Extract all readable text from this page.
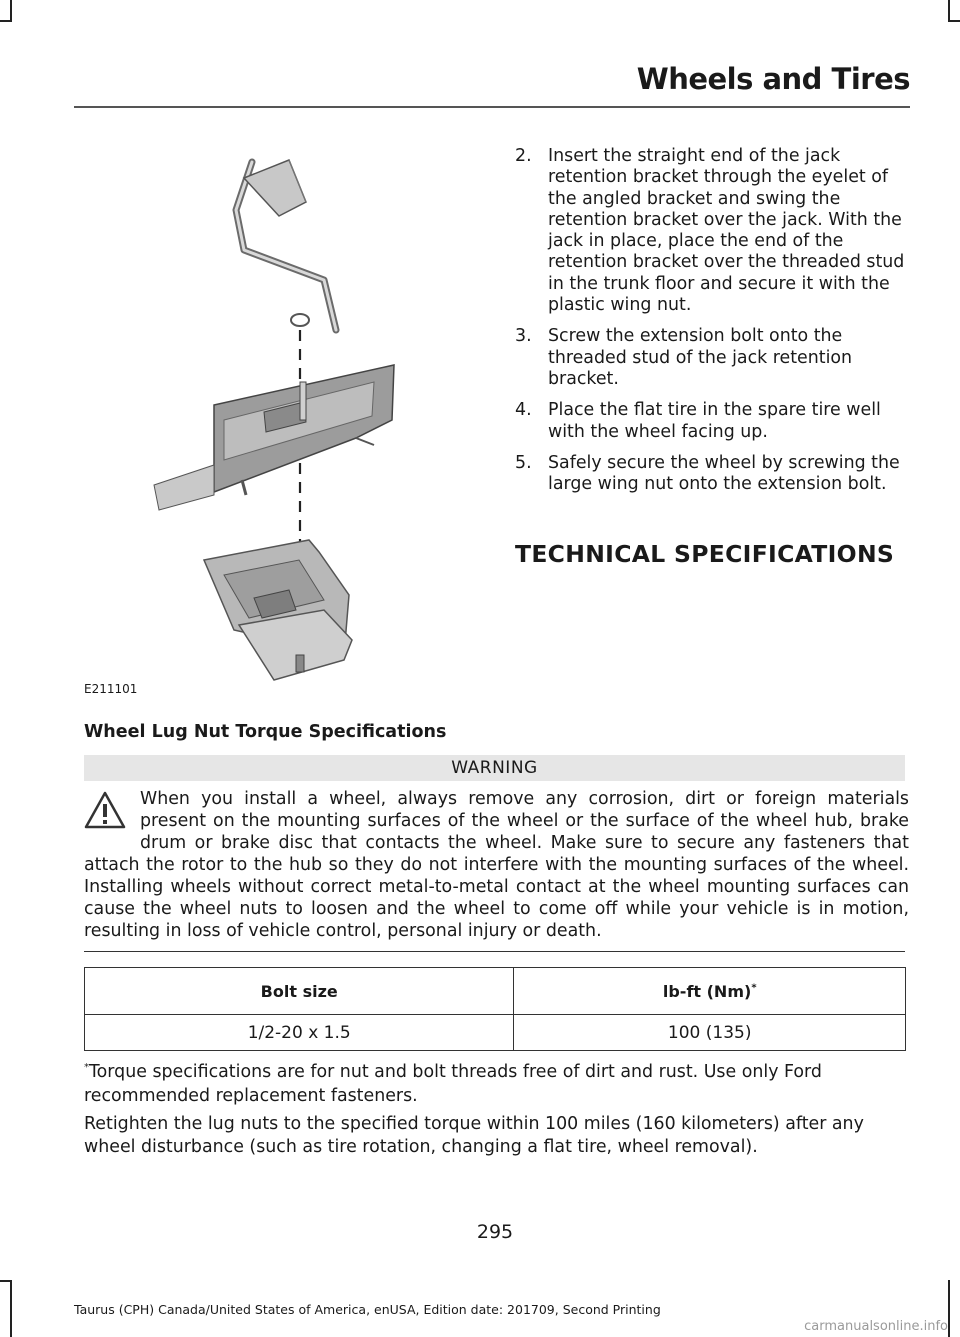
Wheels and Tires
E211101
2. Insert the straight end of the jack retention bracket through the eyelet of the angled bracket and swing the retention bracket over the jack. With the jack in place, place the end of the retention bracket over the threaded stud in the trunk floor and secure it with the plastic wing nut.
3. Screw the extension bolt onto the threaded stud of the jack retention bracket.
4. Place the flat tire in the spare tire well with the wheel facing up.
5. Safely secure the wheel by screwing the large wing nut onto the extension bolt.
TECHNICAL SPECIFICATIONS
Wheel Lug Nut Torque Specifications
WARNING
When you install a wheel, always remove any corrosion, dirt or foreign materials present on the mounting surfaces of the wheel or the surface of the wheel hub, brake drum or brake disc that contacts the wheel. Make sure to secure any fasteners that attach the rotor to the hub so they do not interfere with the mounting surfaces of the wheel. Installing wheels without correct metal-to-metal contact at the wheel mounting surfaces can cause the wheel nuts to loosen and the wheel to come off while your vehicle is in motion, resulting in loss of vehicle control, personal injury or death.
Bolt size	lb-ft (Nm)*
1/2-20 x 1.5	100 (135)
*Torque specifications are for nut and bolt threads free of dirt and rust. Use only Ford recommended replacement fasteners.
Retighten the lug nuts to the specified torque within 100 miles (160 kilometers) after any wheel disturbance (such as tire rotation, changing a flat tire, wheel removal).
295
Taurus (CPH) Canada/United States of America, enUSA, Edition date: 201709, Second Printing
carmanualsonline.info
